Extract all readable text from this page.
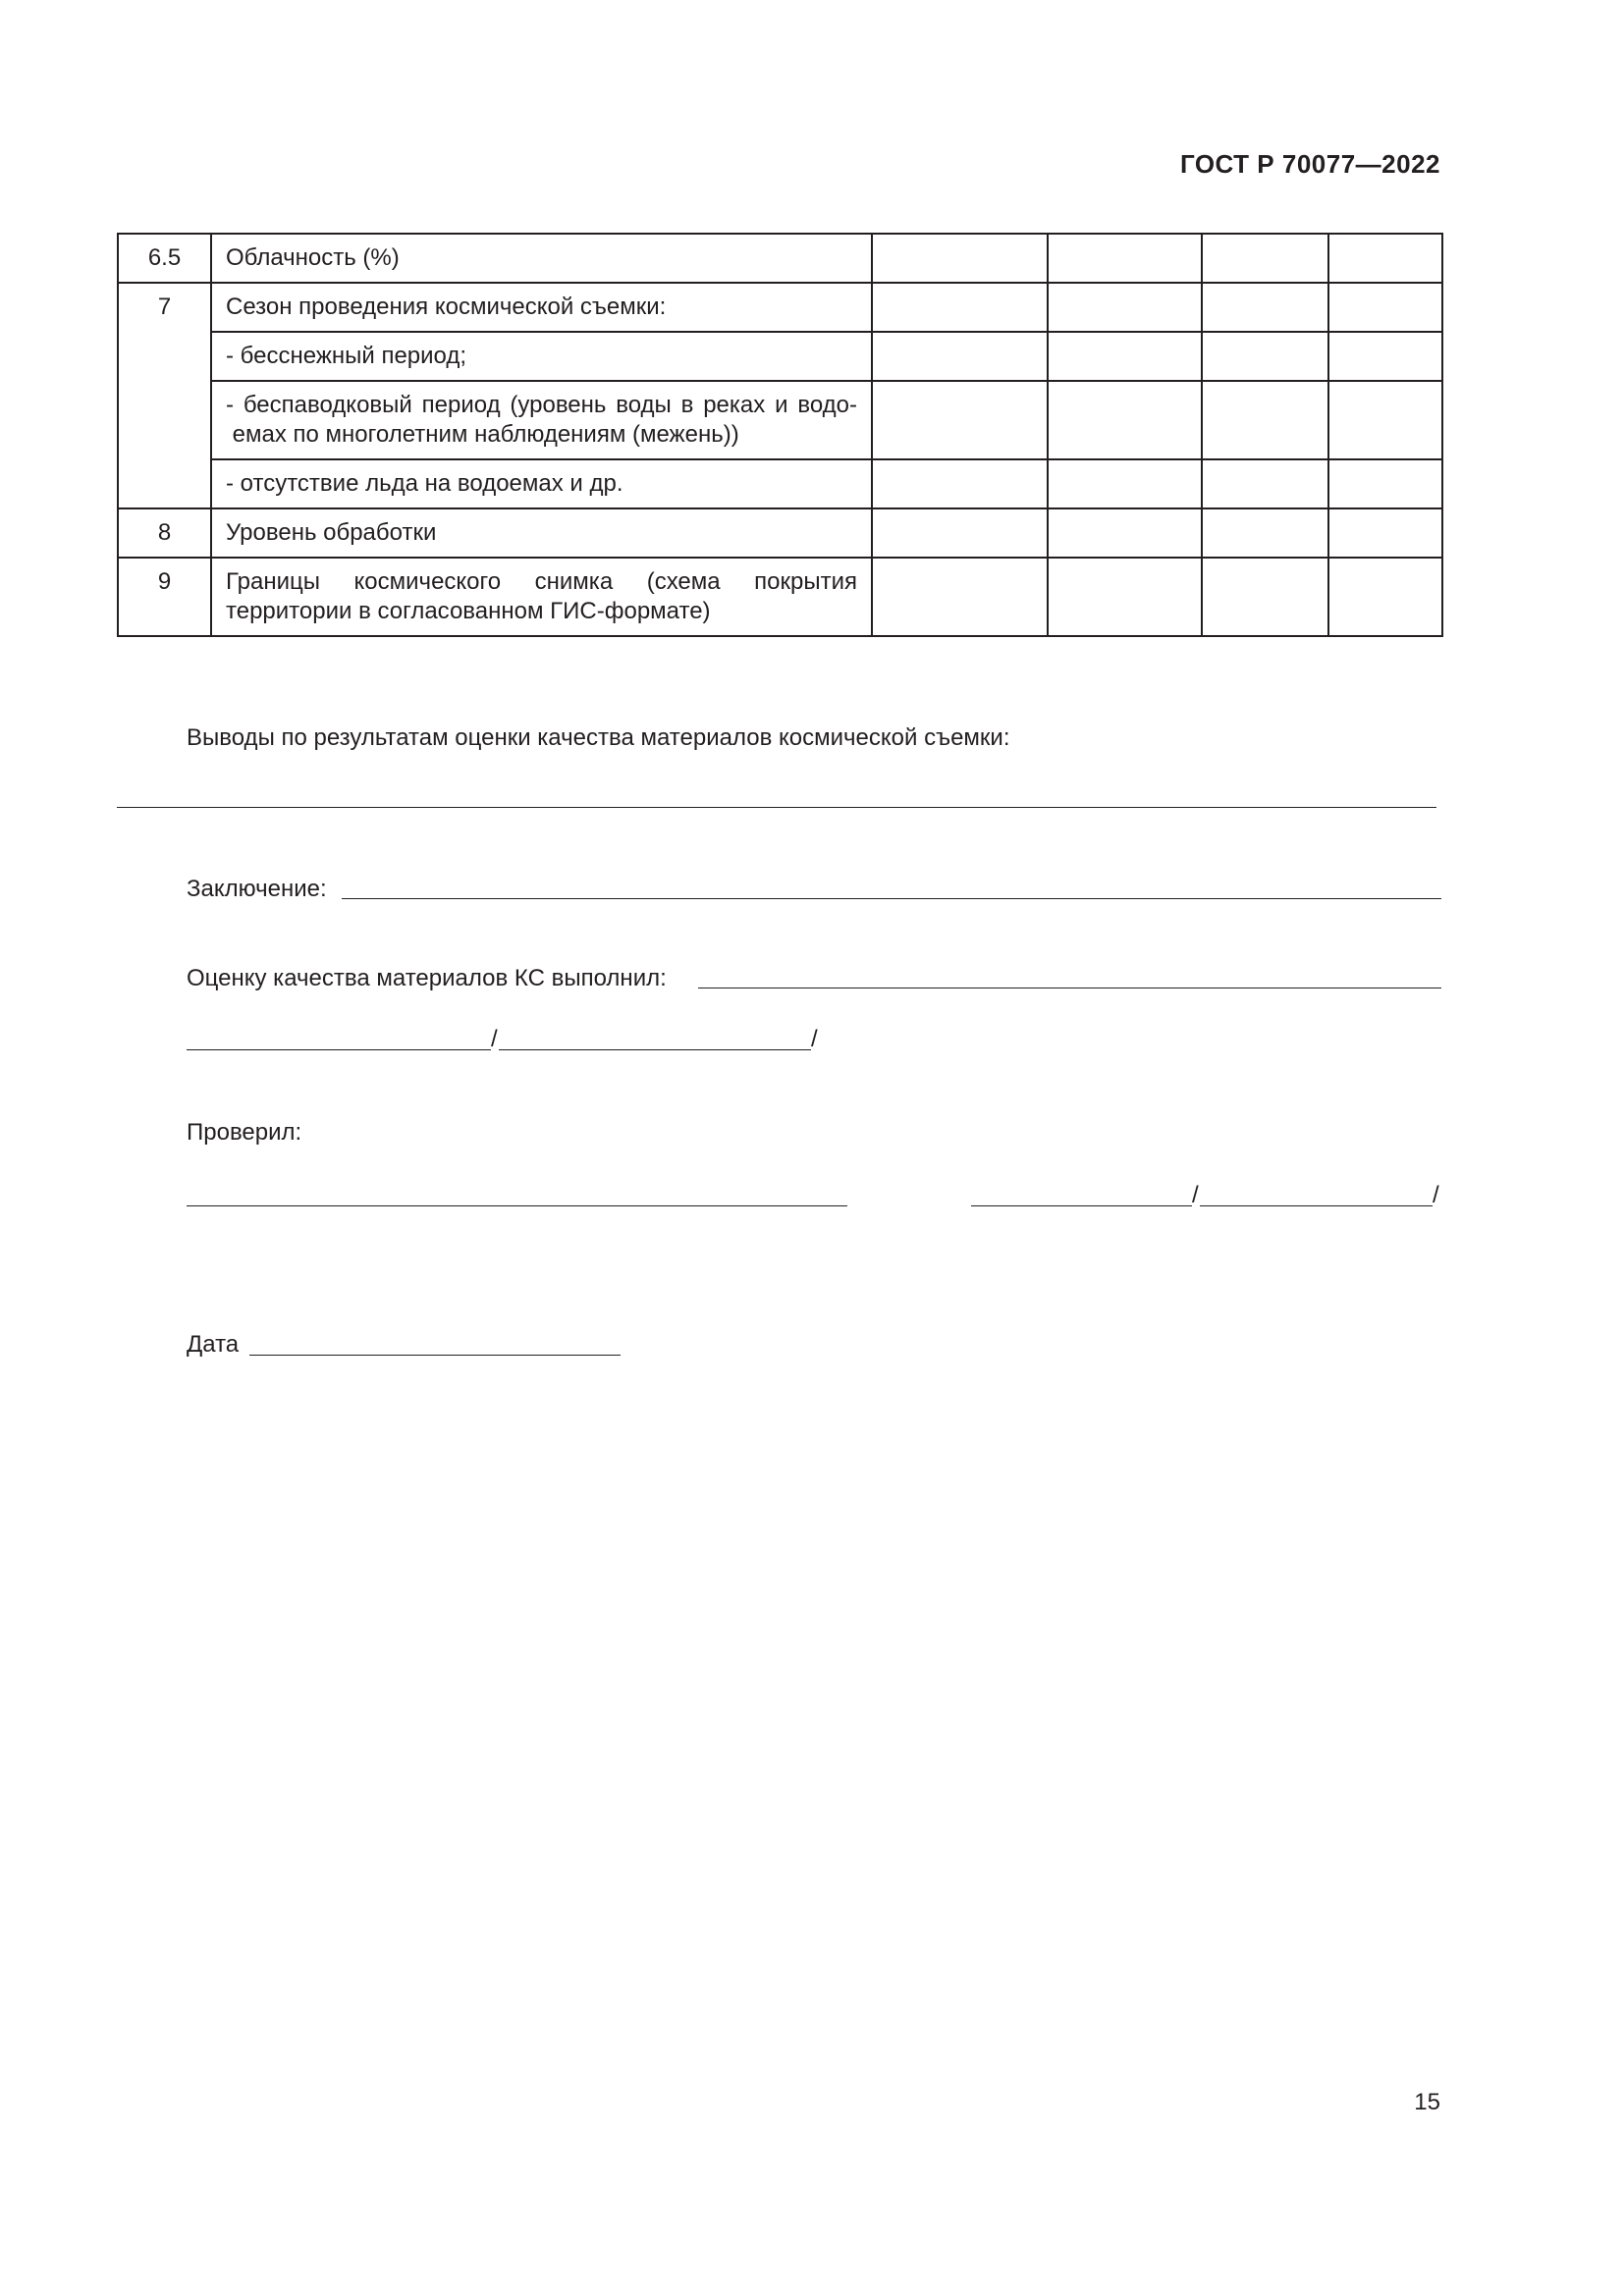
ГОСТ Р 70077—2022
6.5	Облачность (%)				
7	Сезон проведения космической съемки:				
	- бесснежный период;				
	- беспаводковый период (уровень воды в реках и водо- емах по многолетним наблюдениям (межень))				
	- отсутствие льда на водоемах и др.				
8	Уровень обработки				
9	Границы космического снимка (схема покрытия территории в согласованном ГИС-формате)				
Выводы по результатам оценки качества материалов космической съемки:
Заключение:
Оценку качества материалов КС выполнил:
/	/
Проверил:
/	/
Дата
15
